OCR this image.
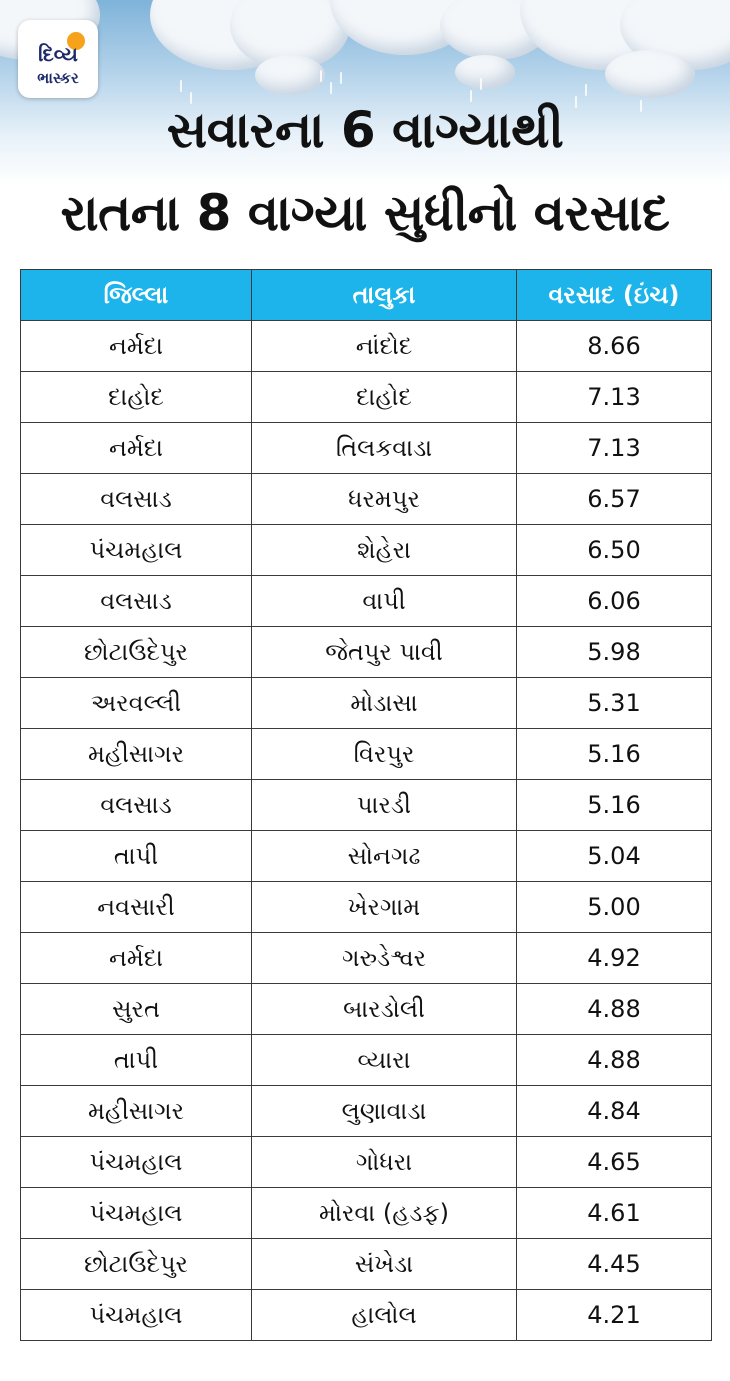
દિવ્ય
ભાસ્કર
સવારના 6 વાગ્યાથી
રાતના 8 વાગ્યા સુધીનો વરસાદ
જિલ્લા	તાલુકા	વરસાદ (ઇંચ)
નર્મદા	નાંદોદ	8.66
દાહોદ	દાહોદ	7.13
નર્મદા	તિલકવાડા	7.13
વલસાડ	ધરમપુર	6.57
પંચમહાલ	શેહેરા	6.50
વલસાડ	વાપી	6.06
છોટાઉદેપુર	જેતપુર પાવી	5.98
અરવલ્લી	મોડાસા	5.31
મહીસાગર	વિરપુર	5.16
વલસાડ	પારડી	5.16
તાપી	સોનગઢ	5.04
નવસારી	ખેરગામ	5.00
નર્મદા	ગરુડેશ્વર	4.92
સુરત	બારડોલી	4.88
તાપી	વ્યારા	4.88
મહીસાગર	લુણાવાડા	4.84
પંચમહાલ	ગોધરા	4.65
પંચમહાલ	મોરવા (હડફ)	4.61
છોટાઉદેપુર	સંખેડા	4.45
પંચમહાલ	હાલોલ	4.21
